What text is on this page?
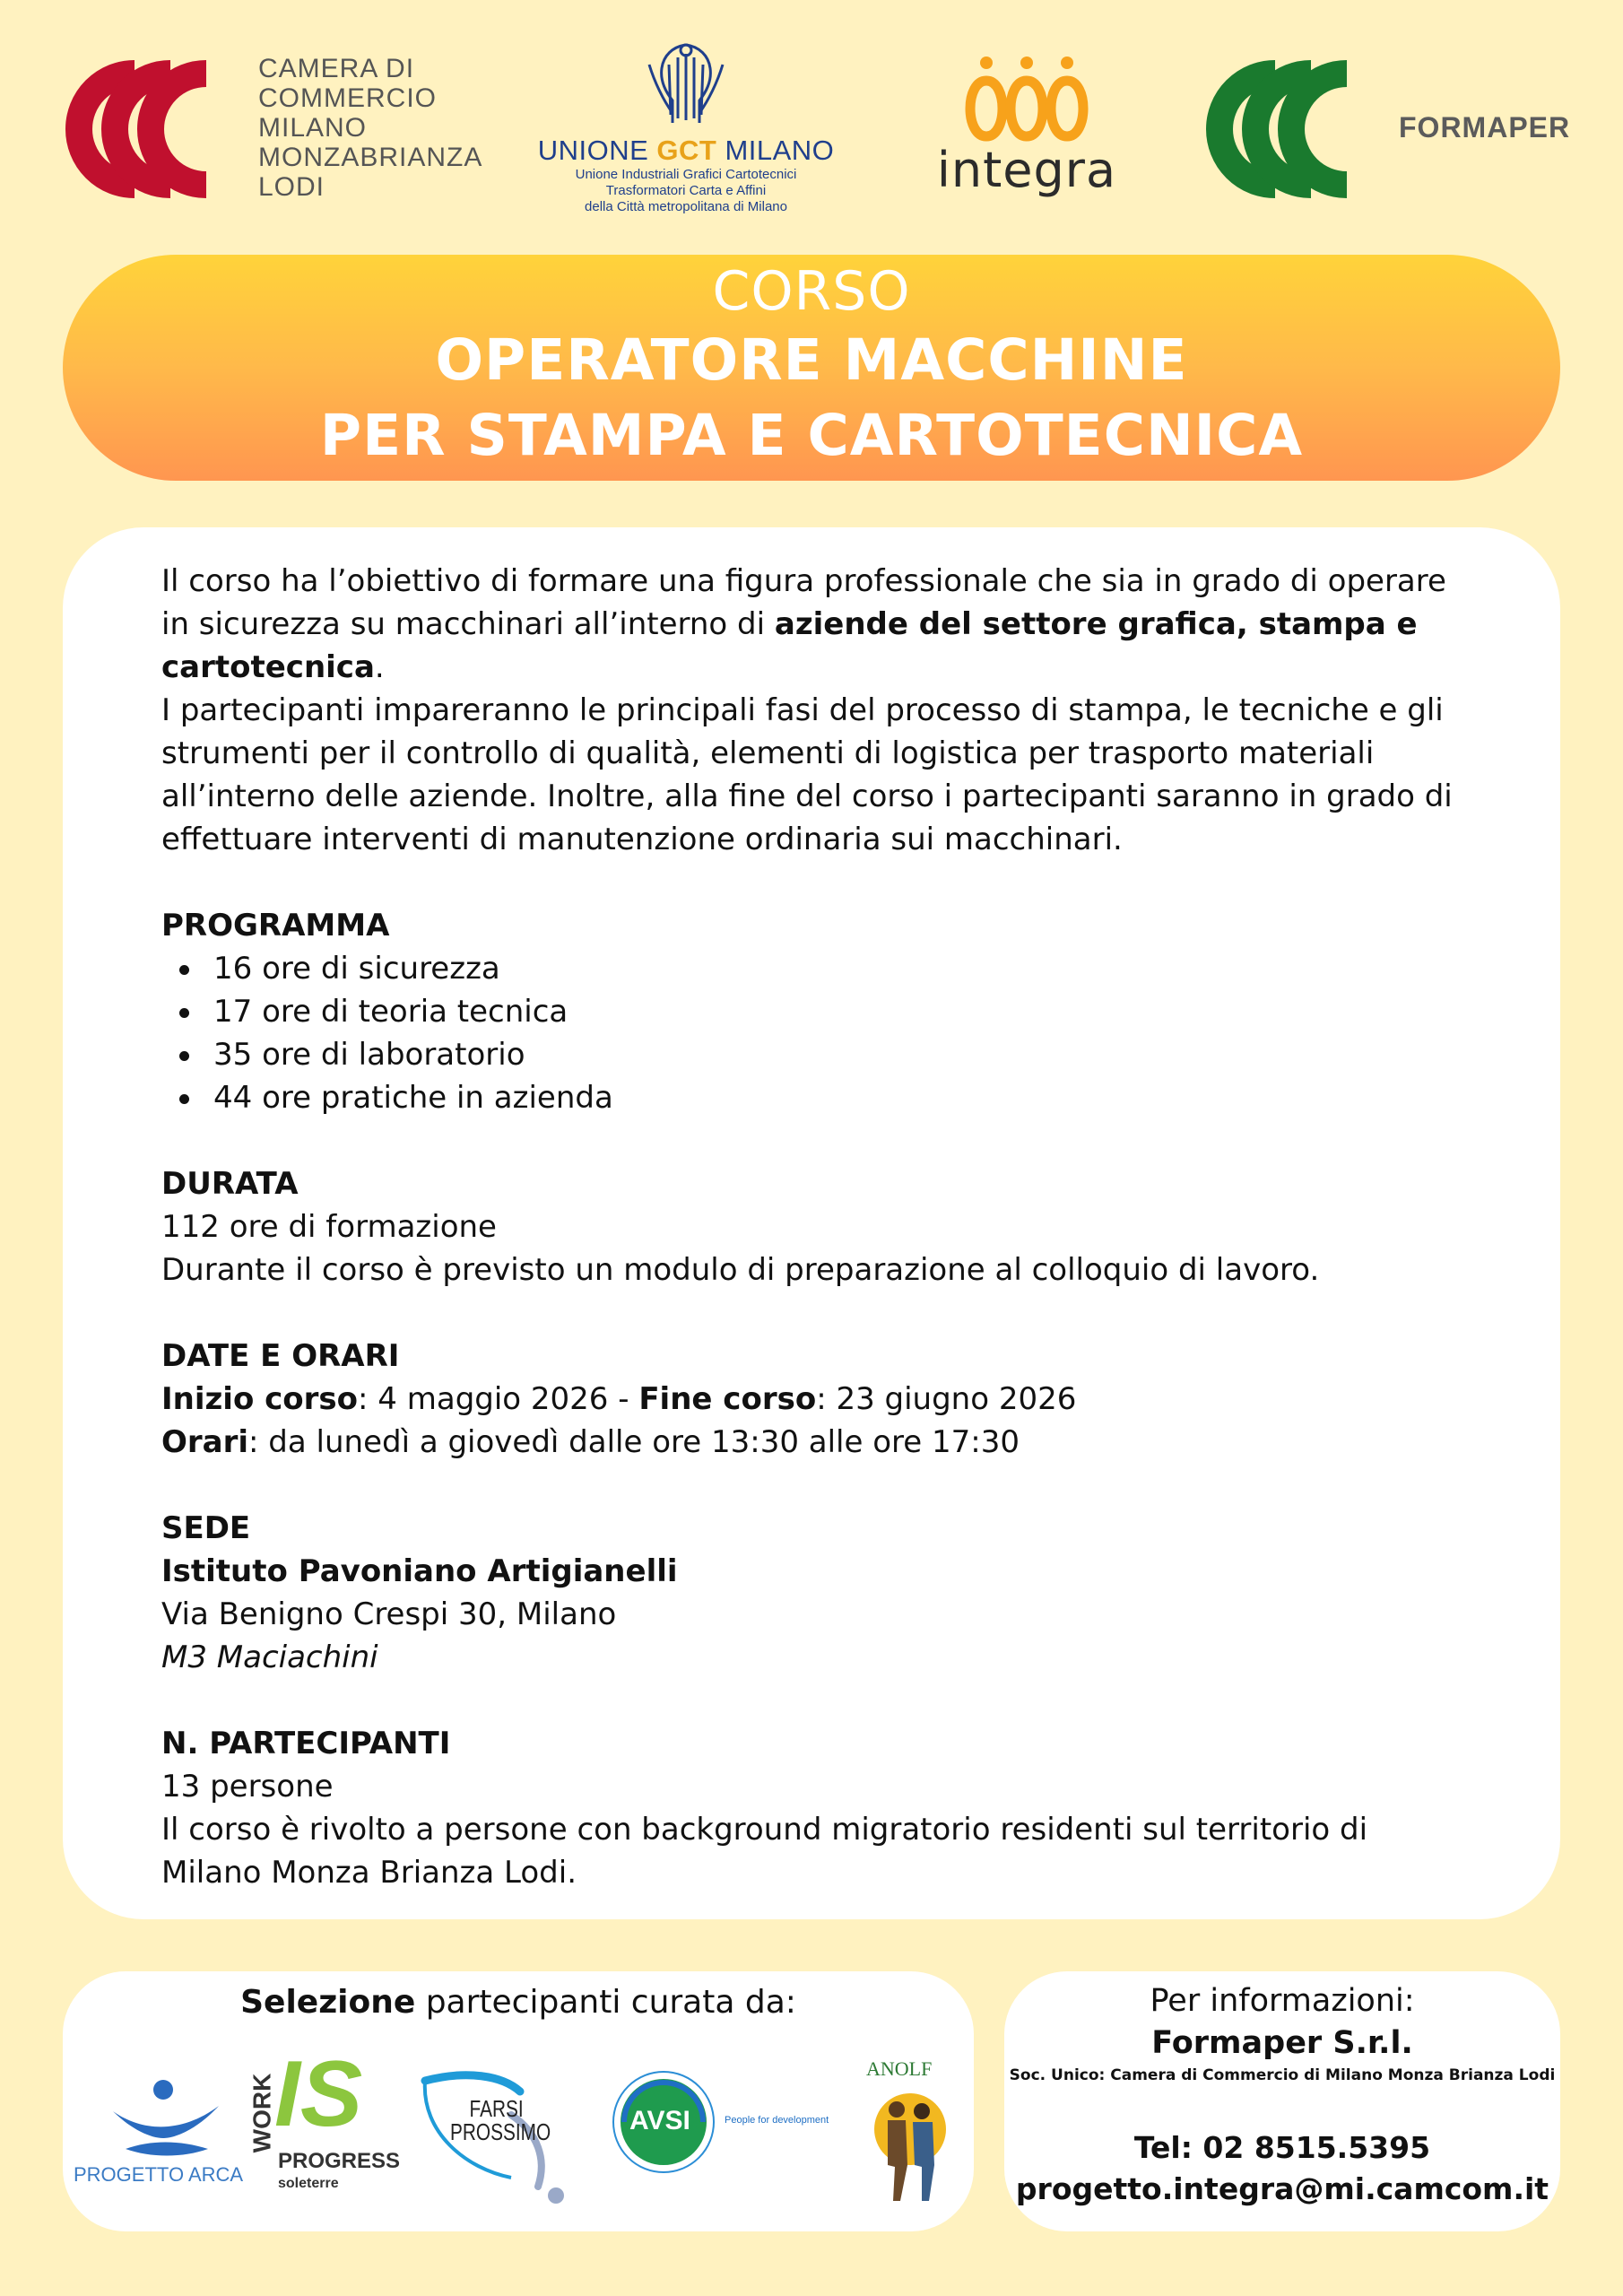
CAMERA DI
COMMERCIO
MILANO
MONZABRIANZA
LODI
UNIONE GCT MILANO
Unione Industriali Grafici Cartotecnici
Trasformatori Carta e Affini
della Città metropolitana di Milano
integra
FORMAPER
CORSO
OPERATORE MACCHINE
PER STAMPA E CARTOTECNICA

Il corso ha l’obiettivo di formare una figura professionale che sia in grado di operare in sicurezza su macchinari all’interno di aziende del settore grafica, stampa e cartotecnica.

I partecipanti impareranno le principali fasi del processo di stampa, le tecniche e gli strumenti per il controllo di qualità, elementi di logistica per trasporto materiali all’interno delle aziende. Inoltre, alla fine del corso i partecipanti saranno in grado di effettuare interventi di manutenzione ordinaria sui macchinari.

PROGRAMMA

16 ore di sicurezza
17 ore di teoria tecnica
35 ore di laboratorio
44 ore pratiche in azienda

DURATA

112 ore di formazione

Durante il corso è previsto un modulo di preparazione al colloquio di lavoro.

DATE E ORARI

Inizio corso: 4 maggio 2026 - Fine corso: 23 giugno 2026

Orari: da lunedì a giovedì dalle ore 13:30 alle ore 17:30

SEDE

Istituto Pavoniano Artigianelli

Via Benigno Crespi 30, Milano

M3 Maciachini

N. PARTECIPANTI

13 persone

Il corso è rivolto a persone con background migratorio residenti sul territorio di Milano Monza Brianza Lodi.

Selezione partecipanti curata da:
PROGETTO ARCA
WORK
IS
PROGRESS
soleterre
FARSI
PROSSIMO	AVSI	People for development
ANOLF
Per informazioni:
Formaper S.r.l.
Soc. Unico: Camera di Commercio di Milano Monza Brianza Lodi
Tel: 02 8515.5395
progetto.integra@mi.camcom.it
